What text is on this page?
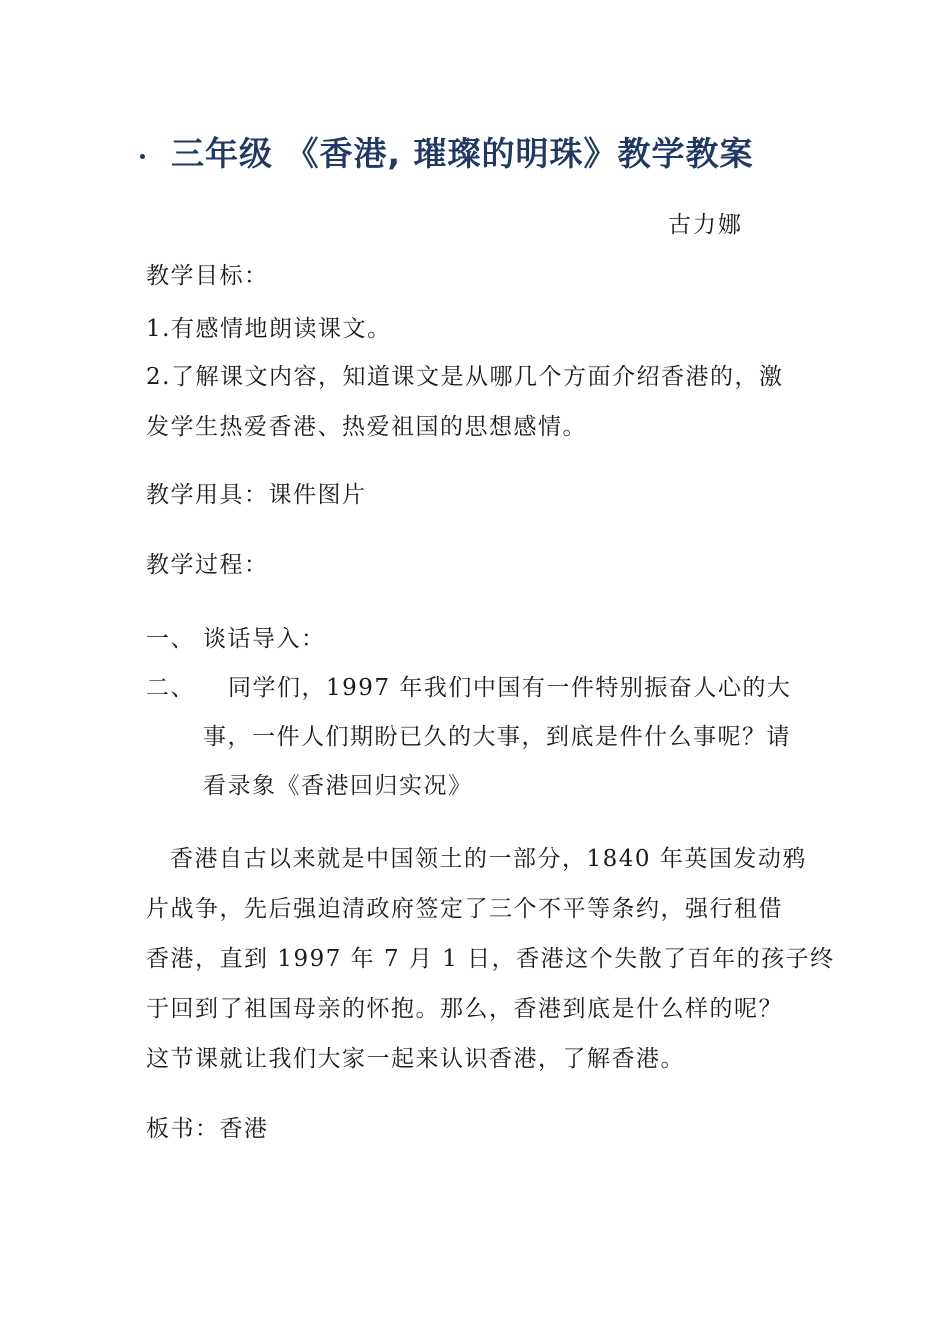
三年级 《香港, 璀璨的明珠》教学教案
古力娜
教学目标：
1.有感情地朗读课文。
2.了解课文内容，知道课文是从哪几个方面介绍香港的，激
发学生热爱香港、热爱祖国的思想感情。
教学用具：课件图片
教学过程：
一、 谈话导入：
二、 同学们，1997 年我们中国有一件特别振奋人心的大
事，一件人们期盼已久的大事，到底是件什么事呢？请
看录象《香港回归实况》
香港自古以来就是中国领土的一部分，1840 年英国发动鸦
片战争，先后强迫清政府签定了三个不平等条约，强行租借
香港，直到 1997 年 7 月 1 日，香港这个失散了百年的孩子终
于回到了祖国母亲的怀抱。那么，香港到底是什么样的呢？
这节课就让我们大家一起来认识香港，了解香港。
板书：香港
